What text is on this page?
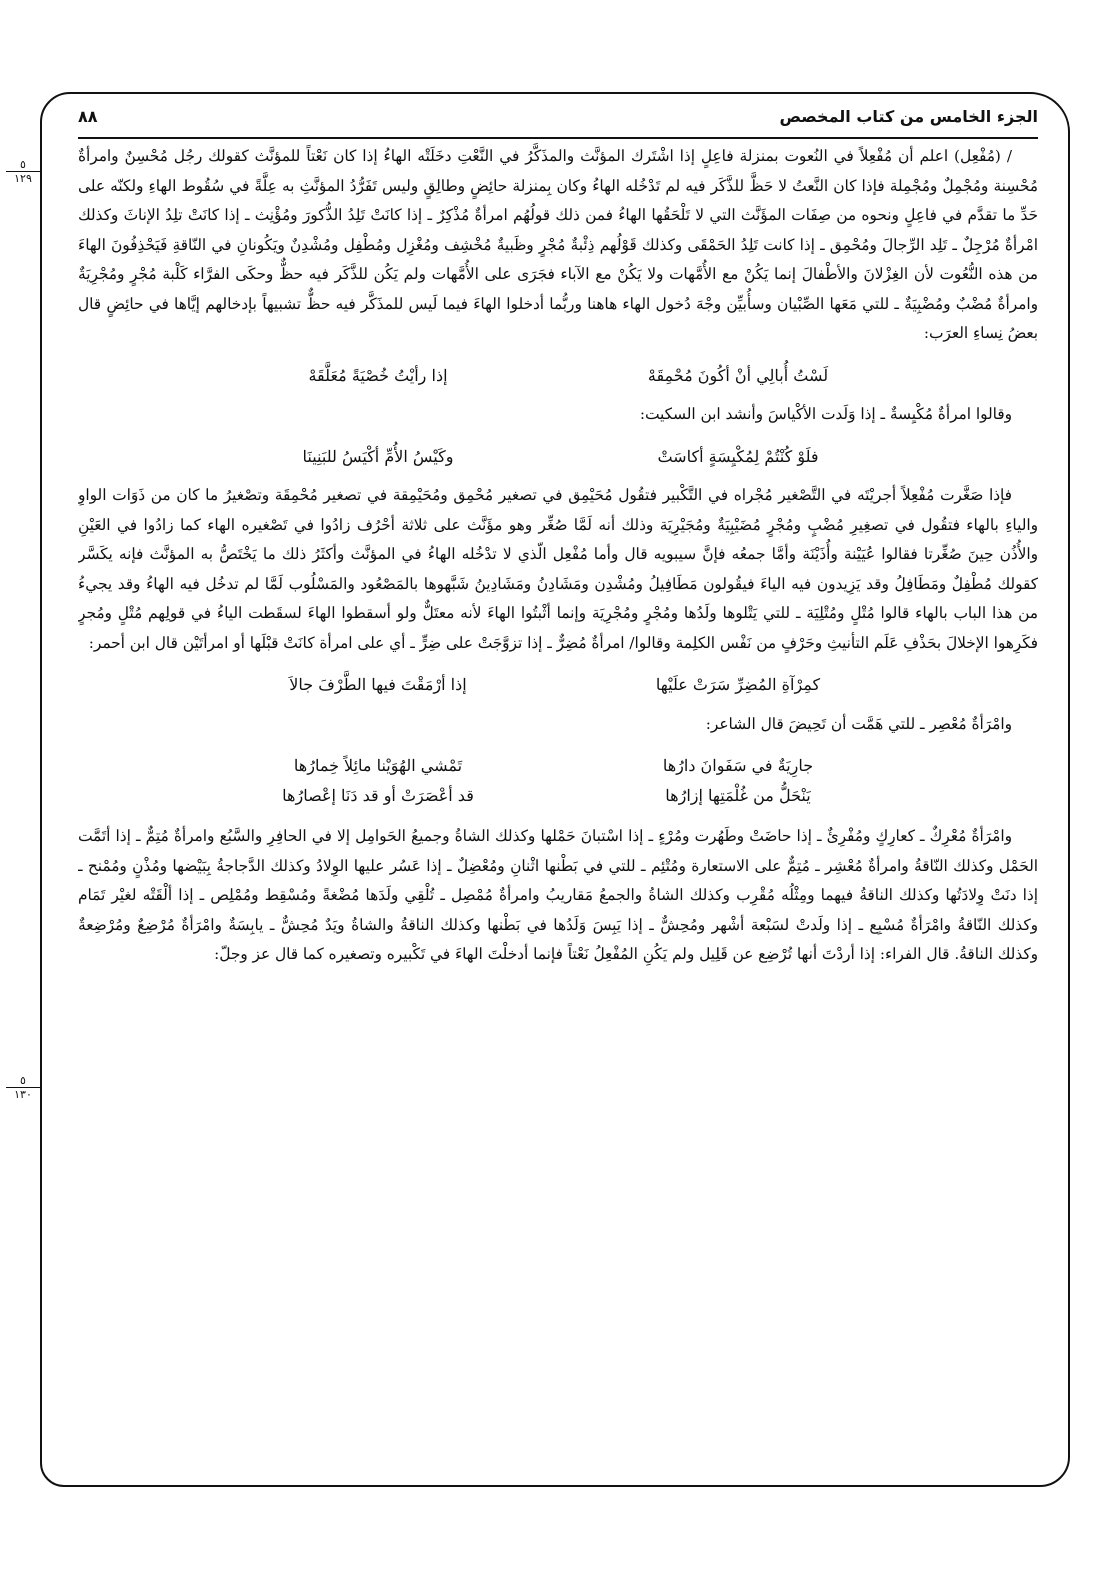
الجزء الخامس من كتاب المخصص
٨٨
٥
١٢٩
٥
١٣٠

/ (مُفْعِل) اعلم أن مُفْعِلاً في النُعوت بمنزلة فاعِلٍ إذا اشْتَرك المؤنَّث والمذَكَّرُ في النَّعْتِ دخَلَتْه الهاءُ إذا كان نَعْتاً للمؤنَّث كقولك رجُل مُحْسِنٌ وامرأةٌ مُحْسِنة ومُجْمِلٌ ومُجْمِلة فإذا كان النَّعتُ لا حَظَّ للذَّكَر فيه لم تَدْخُله الهاءُ وكان بِمنزلة حائِضٍ وطالِقٍ وليس تَفَرُّدُ المؤنَّثِ به عِلَّةً في سُقُوط الهاءِ ولكنّه على حَدِّ ما تقدَّم في فاعِلٍ ونحوه من صِفَات المؤَنَّث التي لا تَلْحَقُها الهاءُ فمن ذلك قولُهُم امرأةٌ مُذْكِرٌ ـ إذا كانَتْ تَلِدُ الذُّكورَ ومُؤْنِث ـ إذا كانَتْ تلِدُ الإناثَ وكذلك امْرأةٌ مُرْجِلٌ ـ تَلِد الرِّجالَ ومُحْمِق ـ إذا كانت تَلِدُ الحَمْقَى وكذلك قَوْلُهم ذِئْبةٌ مُجْرٍ وظَبيةٌ مُخْشِف ومُغْزِل ومُطْفِل ومُشْدِنٌ ويَكُونانِ في النّاقةِ فَيَحْذِفُونَ الهاءَ من هذه النُّعُوت لأن الغِزْلانَ والأطْفالَ إنما يَكُنْ مع الأُمَّهات ولا يَكُنْ مع الآباء فجَرَى على الأُمَّهات ولم يَكُن للذَّكَر فيه حظٌّ وحكَى الفرَّاء كَلْبة مُجْرٍ ومُجْرِيَةٌ وامرأةٌ مُضْبٌ ومُضْبِيَةٌ ـ للتي مَعَها الصِّبْيان وسأُبيِّن وجْهَ دُخول الهاء هاهنا وربُّما أدخلوا الهاءَ فيما لَيس للمذَكَّر فيه حظٌّ تشبيهاً بإدخالهم إيَّاها في حائِضٍ قال بعضُ نِساءِ العرَب:

لَسْتُ أُبالِي أنْ أكُونَ مُحْمِقَهْ
إذا رأيْتُ خُصْيَةً مُعَلَّقَهْ

وقالوا امرأةٌ مُكْيِسةٌ ـ إذا وَلَدت الأكْياسَ وأنشد ابن السكيت:

فلَوْ كُنْتُمْ لِمُكْيِسَةٍ أكاسَتْ
وكَيْسُ الأُمِّ أكْيَسُ للبَنِينَا

فإذا صَغَّرت مُفْعِلاً أجريْتَه في التَّصْغير مُجْراه في التَّكْبير فتقُول مُحَيْمِق في تصغير مُحْمِق ومُحَيْمِقة في تصغير مُحْمِقَة وتصْغيرُ ما كان من ذَوَات الواوِ والياءِ بالهاء فتقُول في تصغِيرِ مُضْبٍ ومُجْرٍ مُضَيْبِيَةٌ ومُجَيْرِيَة وذلك أنه لَمَّا صُغِّر وهو مؤَنَّث على ثلاثة أحْرُف زادُوا في تَصْغيره الهاء كما زادُوا في العَيْنِ والأُذُن حِينَ صُغِّرتا فقالوا عُيَيْنة وأُذَيْنَة وأمَّا جمعُه فإنَّ سيبويه قال وأما مُفْعِل الّذي لا تدْخُله الهاءُ في المؤنَّث وأكثَرُ ذلك ما يَخْتَصُّ به المؤنَّث فإنه يكَسَّر كقولك مُطْفِلٌ ومَطَافِلُ وقد يَزِيدون فيه الياءَ فيقُولون مَطَافِيلُ ومُشْدِن ومَشَادِنُ ومَشَادِينُ شَبَّهوها بالمَصْعُود والمَسْلُوب لَمَّا لم تدخُل فيه الهاءُ وقد يجيءُ من هذا الباب بالهاء قالوا مُتْلٍ ومُتْلِيَة ـ للتي يَتْلوها ولَدُها ومُجْرٍ ومُجْرِيَة وإنما أثْبتُوا الهاءَ لأنه معتَلٌّ ولو أسقطوا الهاءَ لسقَطت الياءُ في قولِهم مُتْلٍ ومُجرٍ فكَرِهوا الإخلالَ بحَذْفِ عَلَم التأنيثِ وحَرْفٍ من نَفْس الكلِمة وقالوا/ امرأةٌ مُضِرٌّ ـ إذا تزوَّجَتْ على ضِرٍّ ـ أي على امرأة كانَتْ قبْلَها أو امرأتَيْن قال ابن أحمر:

كمِرْآةِ المُضِرِّ سَرَتْ علَيْها
إذا أرْمَقْتَ فيها الطَّرْفَ جالاَ

وامْرَأةٌ مُعْصِر ـ للتي هَمَّت أن تَحِيضَ قال الشاعر:

جارِيَةٌ في سَفَوانَ دارُها
تَمْشي الهُوَيْنا مائِلاً خِمارُها
يَنْحَلُّ من غُلْمَتِها إزارُها
قد أعْصَرَتْ أو قد دَنَا إعْصارُها

وامْرَأةٌ مُعْرِكٌ ـ كعارِكٍ ومُفْرِئٌ ـ إذا حاضَتْ وطَهُرت ومُرْءٍ ـ إذا اسْتبانَ حَمْلها وكذلك الشاةُ وجميعُ الحَوامِل إلا في الحافِرِ والسَّبُع وامرأةٌ مُتِمٌّ ـ إذا أتَمَّت الحَمْل وكذلك النّاقةُ وامرأةٌ مُعْشِر ـ مُتِمٌّ على الاستعارة ومُتْئِم ـ للتي في بَطْنها اثْنانِ ومُعْضِلٌ ـ إذا عَسُر عليها الوِلادُ وكذلك الدَّجاجةُ بِبَيْضها ومُذْنٍ ومُمْنح ـ إذا دنَتْ وِلادَتُها وكذلك الناقةُ فيهما ومِثْلُه مُقْرِب وكذلك الشاةُ والجمعُ مَقاريبُ وامرأةٌ مُمْصِل ـ تُلْقِي ولَدَها مُضْغةً ومُسْقِط ومُمْلِص ـ إذا ألْقَتْه لغيْر تَمَام وكذلك النّاقةُ وامْرَأةٌ مُسْبِع ـ إذا ولَدتْ لسَبْعة أشْهر ومُحِشٌّ ـ إذا يَبِسَ وَلَدُها في بَطْنها وكذلك الناقةُ والشاةُ ويَدٌ مُحِشٌّ ـ يابِسَةٌ وامْرَأةٌ مُرْضِعٌ ومُرْضِعةٌ وكذلك الناقةُ. قال الفراء: إذا أردْتَ أنها تُرْضِع عن قَلِيل ولم يَكُنِ المُفْعِلُ نَعْتاً فإنما أدخلْتَ الهاءَ في تَكْبيره وتصغيره كما قال عز وجلّ:
